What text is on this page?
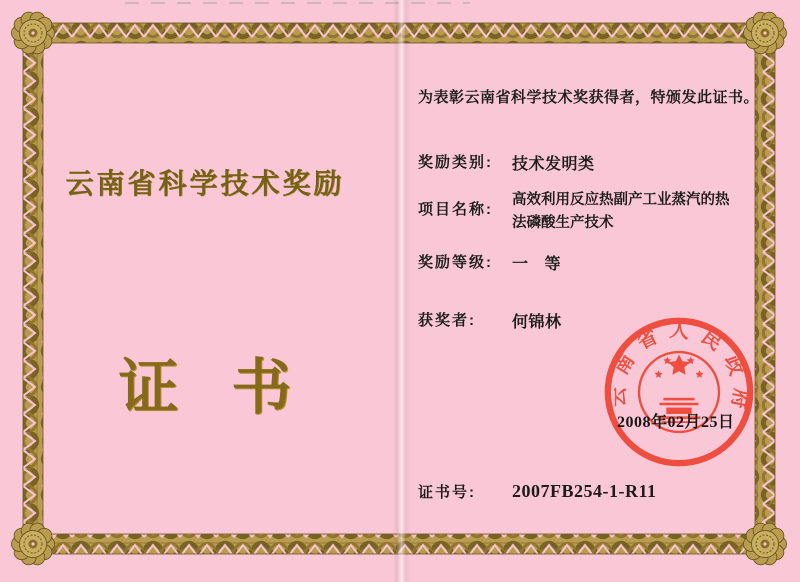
云南省科学技术奖励
证 书
为表彰云南省科学技术奖获得者，特颁发此证书。
奖励类别:	技术发明类
项目名称:
高效利用反应热副产工业蒸汽的热法磷酸生产技术
奖励等级:	一 等
获奖者:	何锦林
证书号:	2007FB254-1-R11
云南省人民政府
2008年02月25日
